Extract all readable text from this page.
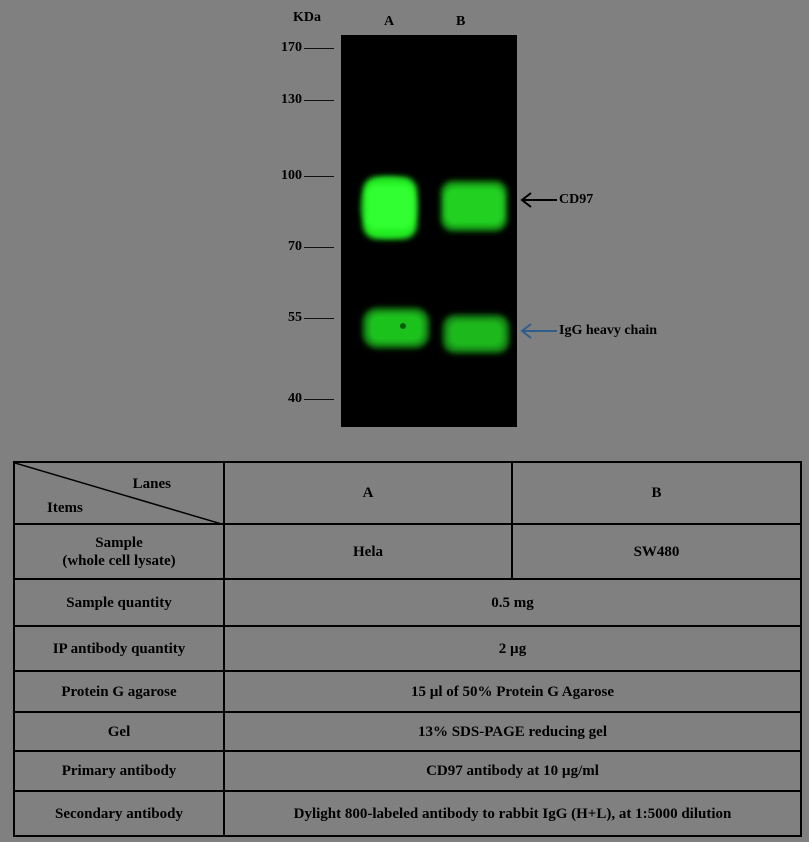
KDa	A	B
170
130
100
70
55
40
CD97
IgG heavy chain
Lanes
Items	A	B

Sample
(whole cell lysate)	Hela	SW480
Sample quantity	0.5 mg	
IP antibody quantity	2 µg	
Protein G agarose	15 µl of 50% Protein G Agarose	
Gel	13% SDS-PAGE reducing gel	
Primary antibody	CD97 antibody at 10 µg/ml	
Secondary antibody	Dylight 800-labeled antibody to rabbit IgG (H+L), at 1:5000 dilution	
